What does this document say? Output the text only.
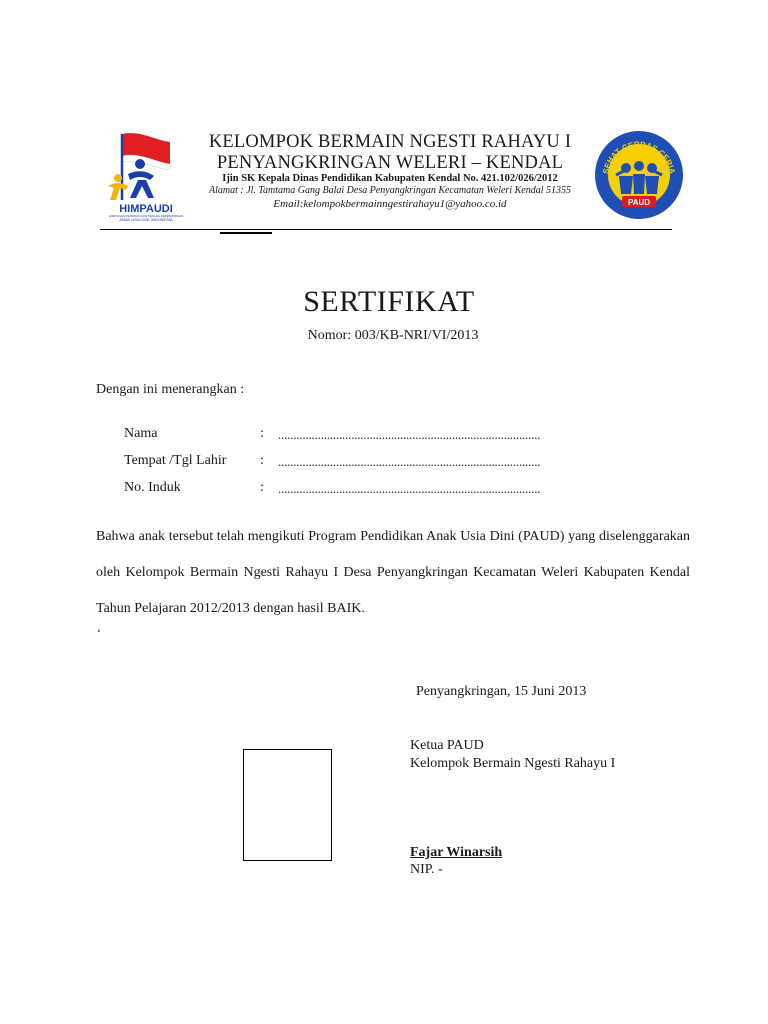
HIMPAUDI
HIMPUNAN PENDIDIK DAN TENAGA KEPENDIDIKAN
ANAK USIA DINI INDONESIA
SEHAT CERDAS CERIA
PAUD
KELOMPOK BERMAIN NGESTI RAHAYU I
PENYANGKRINGAN WELERI – KENDAL
Ijin SK Kepala Dinas Pendidikan Kabupaten Kendal No. 421.102/026/2012
Alamat : Jl. Tamtama Gang Balai Desa Penyangkringan Kecamatan Weleri Kendal 51355
Email:kelompokbermainngestirahayu1@yahoo.co.id
SERTIFIKAT
Nomor: 003/KB-NRI/VI/2013
Dengan ini menerangkan :
Nama	: ......................................................................................
Tempat /Tgl Lahir : ......................................................................................
No. Induk	: ......................................................................................
Bahwa anak tersebut telah mengikuti Program Pendidikan Anak Usia Dini (PAUD) yang diselenggarakan oleh Kelompok Bermain Ngesti Rahayu I Desa Penyangkringan Kecamatan Weleri Kabupaten Kendal Tahun Pelajaran 2012/2013 dengan hasil BAIK.
‘
Penyangkringan, 15 Juni 2013
Ketua PAUD
Kelompok Bermain Ngesti Rahayu I
Fajar Winarsih
NIP. -
